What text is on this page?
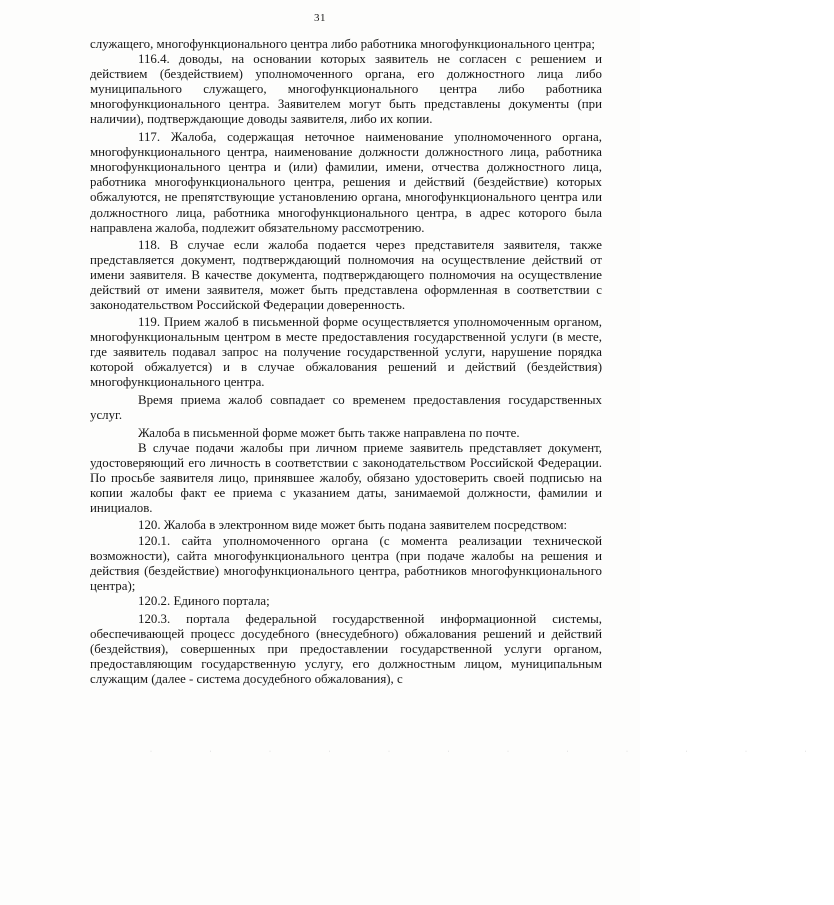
31

служащего, многофункционального центра либо работника многофункционального центра;

116.4. доводы, на основании которых заявитель не согласен с решением и действием (бездействием) уполномоченного органа, его должностного лица либо муниципального служащего, многофункционального центра либо работника многофункционального центра. Заявителем могут быть представлены документы (при наличии), подтверждающие доводы заявителя, либо их копии.

117. Жалоба, содержащая неточное наименование уполномоченного органа, многофункционального центра, наименование должности должностного лица, работника многофункционального центра и (или) фамилии, имени, отчества должностного лица, работника многофункционального центра, решения и действий (бездействие) которых обжалуются, не препятствующие установлению органа, многофункционального центра или должностного лица, работника многофункционального центра, в адрес которого была направлена жалоба, подлежит обязательному рассмотрению.

118. В случае если жалоба подается через представителя заявителя, также представляется документ, подтверждающий полномочия на осуществление действий от имени заявителя. В качестве документа, подтверждающего полномочия на осуществление действий от имени заявителя, может быть представлена оформленная в соответствии с законодательством Российской Федерации доверенность.

119. Прием жалоб в письменной форме осуществляется уполномоченным органом, многофункциональным центром в месте предоставления государственной услуги (в месте, где заявитель подавал запрос на получение государственной услуги, нарушение порядка которой обжалуется) и в случае обжалования решений и действий (бездействия) многофункционального центра.

Время приема жалоб совпадает со временем предоставления государственных услуг.

Жалоба в письменной форме может быть также направлена по почте.

В случае подачи жалобы при личном приеме заявитель представляет документ, удостоверяющий его личность в соответствии с законодательством Российской Федерации. По просьбе заявителя лицо, принявшее жалобу, обязано удостоверить своей подписью на копии жалобы факт ее приема с указанием даты, занимаемой должности, фамилии и инициалов.

120. Жалоба в электронном виде может быть подана заявителем посредством:

120.1. сайта уполномоченного органа (с момента реализации технической возможности), сайта многофункционального центра (при подаче жалобы на решения и действия (бездействие) многофункционального центра, работников многофункционального центра);

120.2. Единого портала;

120.3. портала федеральной государственной информационной системы, обеспечивающей процесс досудебного (внесудебного) обжалования решений и действий (бездействия), совершенных при предоставлении государственной услуги органом, предоставляющим государственную услугу, его должностным лицом, муниципальным служащим (далее - система досудебного обжалования), с

· · · · · · · · · · · ·
